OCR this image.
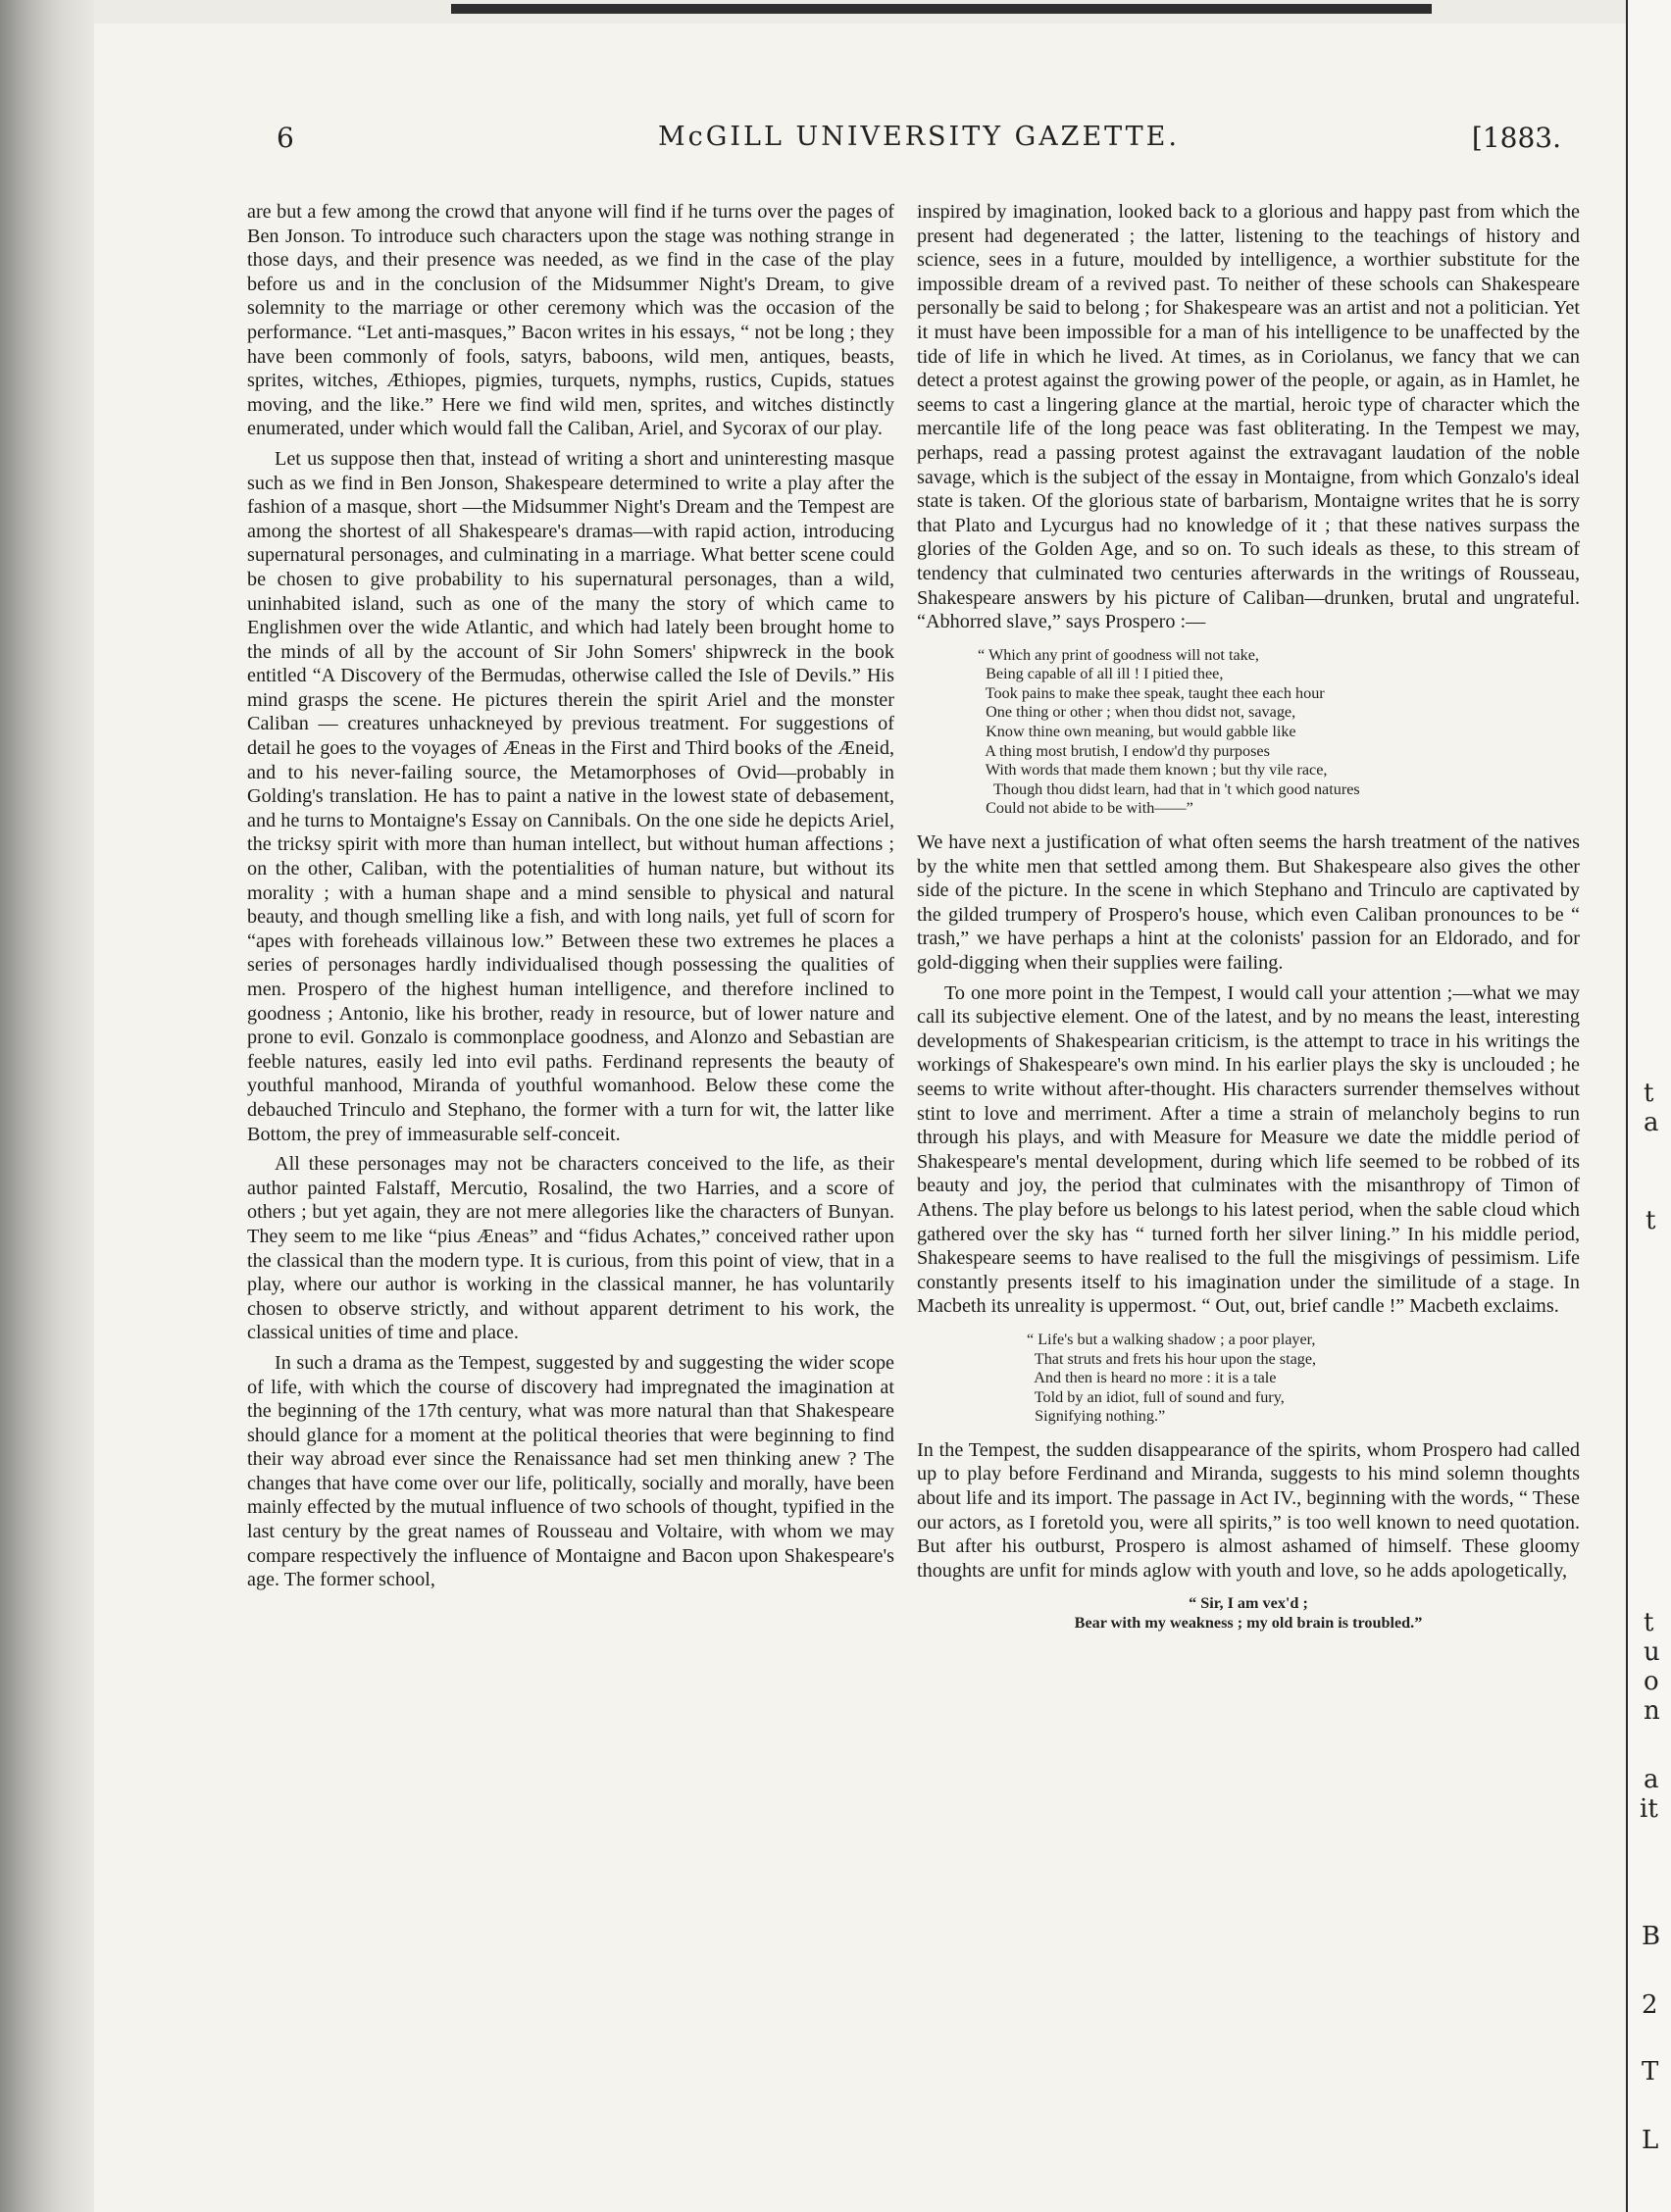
t
a
t
t
u
o
n
a
it
B
2
T
L
6	McGILL UNIVERSITY GAZETTE.	[1883.

are but a few among the crowd that anyone will find if he turns over the pages of Ben Jonson. To introduce such characters upon the stage was nothing strange in those days, and their presence was needed, as we find in the case of the play before us and in the conclusion of the Midsummer Night's Dream, to give solemnity to the marriage or other ceremony which was the occasion of the performance. “Let anti-masques,” Bacon writes in his essays, “ not be long ; they have been commonly of fools, satyrs, baboons, wild men, antiques, beasts, sprites, witches, Æthiopes, pigmies, turquets, nymphs, rustics, Cupids, statues moving, and the like.” Here we find wild men, sprites, and witches distinctly enumerated, under which would fall the Caliban, Ariel, and Sycorax of our play.

Let us suppose then that, instead of writing a short and uninteresting masque such as we find in Ben Jonson, Shakespeare determined to write a play after the fashion of a masque, short —the Midsummer Night's Dream and the Tempest are among the shortest of all Shakespeare's dramas—with rapid action, introducing supernatural personages, and culminating in a marriage. What better scene could be chosen to give probability to his supernatural personages, than a wild, uninhabited island, such as one of the many the story of which came to Englishmen over the wide Atlantic, and which had lately been brought home to the minds of all by the account of Sir John Somers' shipwreck in the book entitled “A Discovery of the Bermudas, otherwise called the Isle of Devils.” His mind grasps the scene. He pictures therein the spirit Ariel and the monster Caliban — creatures unhackneyed by previous treatment. For suggestions of detail he goes to the voyages of Æneas in the First and Third books of the Æneid, and to his never-failing source, the Metamorphoses of Ovid—probably in Golding's translation. He has to paint a native in the lowest state of debasement, and he turns to Montaigne's Essay on Cannibals. On the one side he depicts Ariel, the tricksy spirit with more than human intellect, but without human affections ; on the other, Caliban, with the potentialities of human nature, but without its morality ; with a human shape and a mind sensible to physical and natural beauty, and though smelling like a fish, and with long nails, yet full of scorn for “apes with foreheads villainous low.” Between these two extremes he places a series of personages hardly individualised though possessing the qualities of men. Prospero of the highest human intelligence, and therefore inclined to goodness ; Antonio, like his brother, ready in resource, but of lower nature and prone to evil. Gonzalo is commonplace goodness, and Alonzo and Sebastian are feeble natures, easily led into evil paths. Ferdinand represents the beauty of youthful manhood, Miranda of youthful womanhood. Below these come the debauched Trinculo and Stephano, the former with a turn for wit, the latter like Bottom, the prey of immeasurable self-conceit.

All these personages may not be characters conceived to the life, as their author painted Falstaff, Mercutio, Rosalind, the two Harries, and a score of others ; but yet again, they are not mere allegories like the characters of Bunyan. They seem to me like “pius Æneas” and “fidus Achates,” conceived rather upon the classical than the modern type. It is curious, from this point of view, that in a play, where our author is working in the classical manner, he has voluntarily chosen to observe strictly, and without apparent detriment to his work, the classical unities of time and place.

In such a drama as the Tempest, suggested by and suggesting the wider scope of life, with which the course of discovery had impregnated the imagination at the beginning of the 17th century, what was more natural than that Shakespeare should glance for a moment at the political theories that were beginning to find their way abroad ever since the Renaissance had set men thinking anew ? The changes that have come over our life, politically, socially and morally, have been mainly effected by the mutual influence of two schools of thought, typified in the last century by the great names of Rousseau and Voltaire, with whom we may compare respectively the influence of Montaigne and Bacon upon Shakespeare's age. The former school,

inspired by imagination, looked back to a glorious and happy past from which the present had degenerated ; the latter, listening to the teachings of history and science, sees in a future, moulded by intelligence, a worthier substitute for the impossible dream of a revived past. To neither of these schools can Shakespeare personally be said to belong ; for Shakespeare was an artist and not a politician. Yet it must have been impossible for a man of his intelligence to be unaffected by the tide of life in which he lived. At times, as in Coriolanus, we fancy that we can detect a protest against the growing power of the people, or again, as in Hamlet, he seems to cast a lingering glance at the martial, heroic type of character which the mercantile life of the long peace was fast obliterating. In the Tempest we may, perhaps, read a passing protest against the extravagant laudation of the noble savage, which is the subject of the essay in Montaigne, from which Gonzalo's ideal state is taken. Of the glorious state of barbarism, Montaigne writes that he is sorry that Plato and Lycurgus had no knowledge of it ; that these natives surpass the glories of the Golden Age, and so on. To such ideals as these, to this stream of tendency that culminated two centuries afterwards in the writings of Rousseau, Shakespeare answers by his picture of Caliban—drunken, brutal and ungrateful. “Abhorred slave,” says Prospero :—

“ Which any print of goodness will not take,
Being capable of all ill ! I pitied thee,
Took pains to make thee speak, taught thee each hour
One thing or other ; when thou didst not, savage,
Know thine own meaning, but would gabble like
A thing most brutish, I endow'd thy purposes
With words that made them known ; but thy vile race,
Though thou didst learn, had that in 't which good natures
Could not abide to be with——”

We have next a justification of what often seems the harsh treatment of the natives by the white men that settled among them. But Shakespeare also gives the other side of the picture. In the scene in which Stephano and Trinculo are captivated by the gilded trumpery of Prospero's house, which even Caliban pronounces to be “ trash,” we have perhaps a hint at the colonists' passion for an Eldorado, and for gold-digging when their supplies were failing.

To one more point in the Tempest, I would call your attention ;—what we may call its subjective element. One of the latest, and by no means the least, interesting developments of Shakespearian criticism, is the attempt to trace in his writings the workings of Shakespeare's own mind. In his earlier plays the sky is unclouded ; he seems to write without after-thought. His characters surrender themselves without stint to love and merriment. After a time a strain of melancholy begins to run through his plays, and with Measure for Measure we date the middle period of Shakespeare's mental development, during which life seemed to be robbed of its beauty and joy, the period that culminates with the misanthropy of Timon of Athens. The play before us belongs to his latest period, when the sable cloud which gathered over the sky has “ turned forth her silver lining.” In his middle period, Shakespeare seems to have realised to the full the misgivings of pessimism. Life constantly presents itself to his imagination under the similitude of a stage. In Macbeth its unreality is uppermost. “ Out, out, brief candle !” Macbeth exclaims.

“ Life's but a walking shadow ; a poor player,
That struts and frets his hour upon the stage,
And then is heard no more : it is a tale
Told by an idiot, full of sound and fury,
Signifying nothing.”

In the Tempest, the sudden disappearance of the spirits, whom Prospero had called up to play before Ferdinand and Miranda, suggests to his mind solemn thoughts about life and its import. The passage in Act IV., beginning with the words, “ These our actors, as I foretold you, were all spirits,” is too well known to need quotation. But after his outburst, Prospero is almost ashamed of himself. These gloomy thoughts are unfit for minds aglow with youth and love, so he adds apologetically,

“ Sir, I am vex'd ;
Bear with my weakness ; my old brain is troubled.”
